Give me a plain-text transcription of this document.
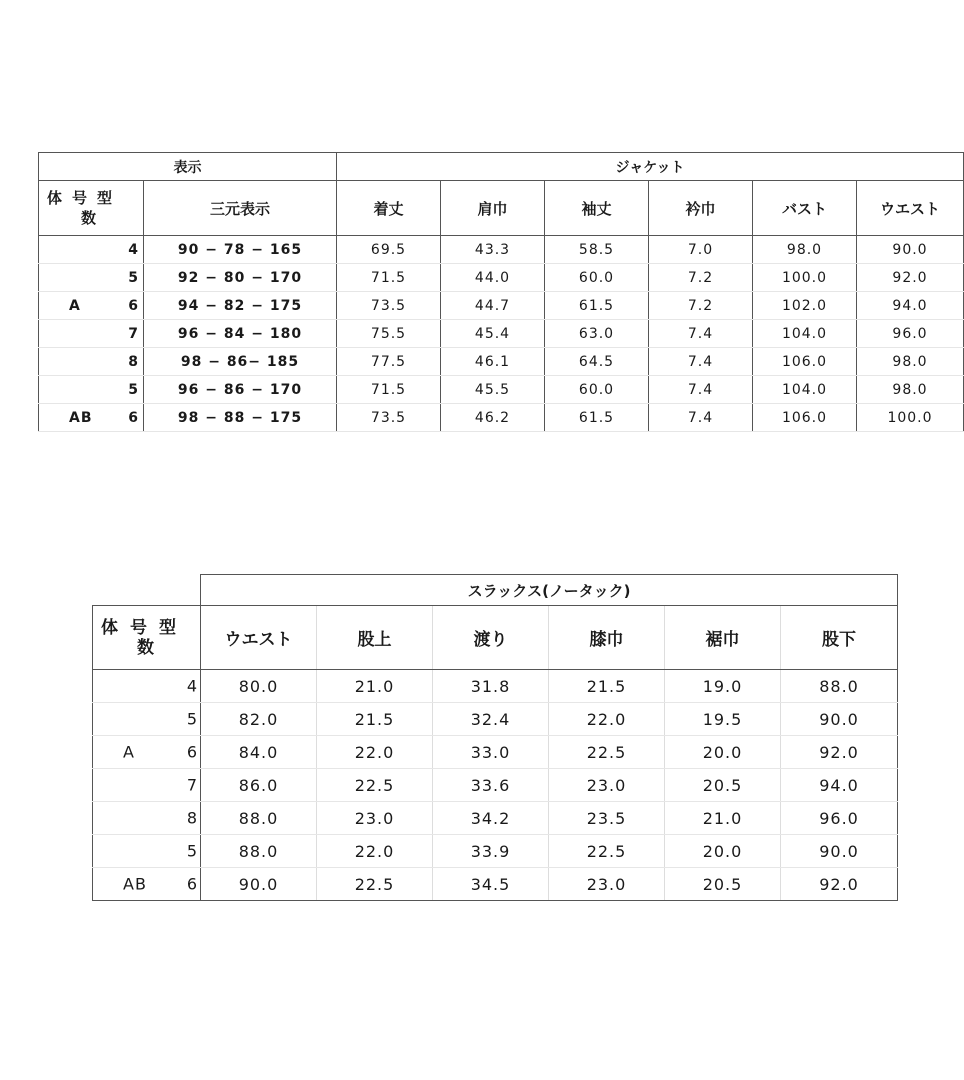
表示		ジャケット					

体号型
数	三元表示	着丈	肩巾	袖丈	衿巾	バスト	ウエスト

4	90 − 78 − 165	69.5	43.3	58.5	7.0	98.0	90.0

5	92 − 80 − 170	71.5	44.0	60.0	7.2	100.0	92.0

A 6	94 − 82 − 175	73.5	44.7	61.5	7.2	102.0	94.0

7	96 − 84 − 180	75.5	45.4	63.0	7.4	104.0	96.0

8	98 − 86− 185	77.5	46.1	64.5	7.4	106.0	98.0

5	96 − 86 − 170	71.5	45.5	60.0	7.4	104.0	98.0

AB 6	98 − 88 − 175	73.5	46.2	61.5	7.4	106.0	100.0
	スラックス(ノータック)					

体号型
数	ウエスト	股上	渡り	膝巾	裾巾	股下

4	80.0	21.0	31.8	21.5	19.0	88.0

5	82.0	21.5	32.4	22.0	19.5	90.0

A 6	84.0	22.0	33.0	22.5	20.0	92.0

7	86.0	22.5	33.6	23.0	20.5	94.0

8	88.0	23.0	34.2	23.5	21.0	96.0

5	88.0	22.0	33.9	22.5	20.0	90.0

AB 6	90.0	22.5	34.5	23.0	20.5	92.0
